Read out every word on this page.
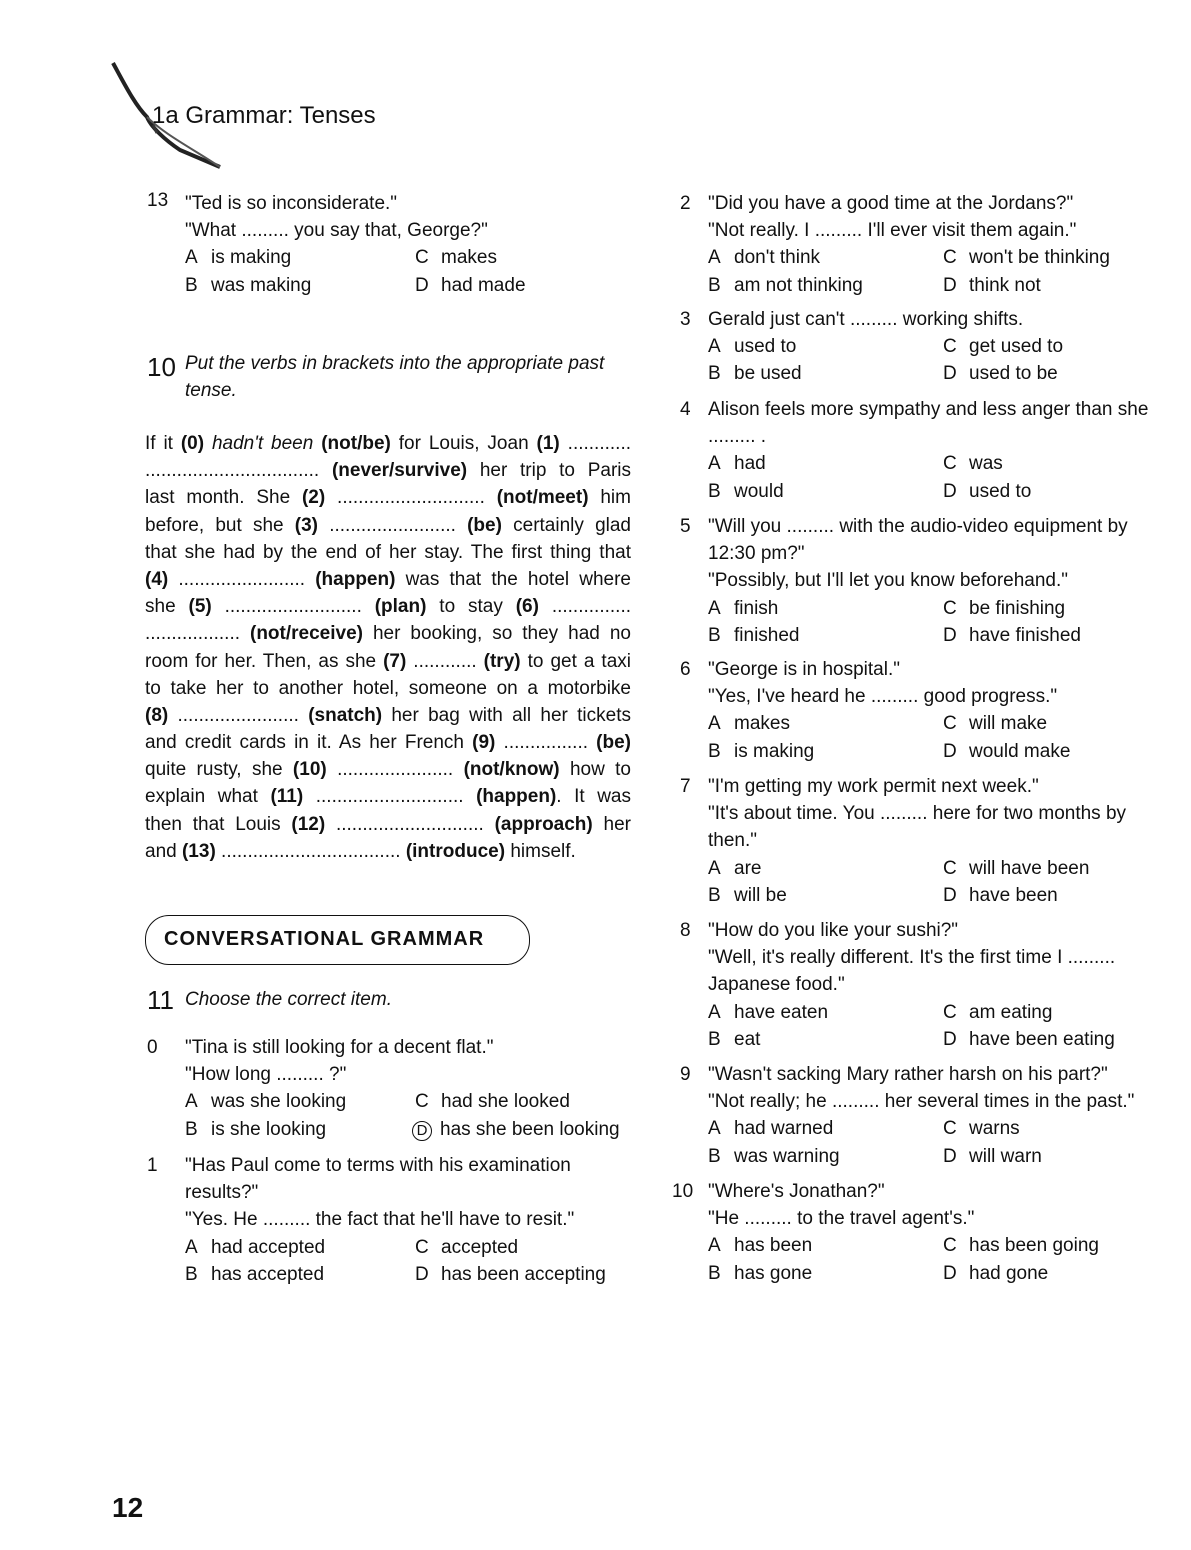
1a Grammar: Tenses
13 "Ted is so inconsiderate."
"What ......... you say that, George?"
A is making	C makes
B was making	D had made
10 Put the verbs in brackets into the appropriate past
tense.
If it (0) hadn't been (not/be) for Louis, Joan (1) ............
................................. (never/survive) her trip to Paris
last month. She (2) ............................ (not/meet) him
before, but she (3) ........................ (be) certainly glad
that she had by the end of her stay. The first thing that
(4) ........................ (happen) was that the hotel where
she (5) .......................... (plan) to stay (6) ...............
.................. (not/receive) her booking, so they had no
room for her. Then, as she (7) ............ (try) to get a taxi
to take her to another hotel, someone on a motorbike
(8) ....................... (snatch) her bag with all her tickets
and credit cards in it. As her French (9) ................ (be)
quite rusty, she (10) ...................... (not/know) how to
explain what (11) ............................ (happen). It was
then that Louis (12) ............................ (approach) her
and (13) .................................. (introduce) himself.
CONVERSATIONAL GRAMMAR
11 Choose the correct item.
0	"Tina is still looking for a decent flat."
"How long ......... ?"
A was she looking	C had she looked
B is she looking	D has she been looking
1	"Has Paul come to terms with his examination
results?"
"Yes. He ......... the fact that he'll have to resit."
A had accepted	C accepted
B has accepted	D has been accepting
2 "Did you have a good time at the Jordans?"
"Not really. I ......... I'll ever visit them again."
A don't think	C won't be thinking
B am not thinking	D think not
3 Gerald just can't ......... working shifts.
A used to	C get used to
B be used	D used to be
4 Alison feels more sympathy and less anger than she
......... .
A had	C was
B would	D used to
5 "Will you ......... with the audio-video equipment by
12:30 pm?"
"Possibly, but I'll let you know beforehand."
A finish	C be finishing
B finished	D have finished
6 "George is in hospital."
"Yes, I've heard he ......... good progress."
A makes	C will make
B is making	D would make
7 "I'm getting my work permit next week."
"It's about time. You ......... here for two months by
then."
A are	C will have been
B will be	D have been
8 "How do you like your sushi?"
"Well, it's really different. It's the first time I .........
Japanese food."
A have eaten	C am eating
B eat	D have been eating
9 "Wasn't sacking Mary rather harsh on his part?"
"Not really; he ......... her several times in the past."
A had warned	C warns
B was warning	D will warn
10 "Where's Jonathan?"
"He ......... to the travel agent's."
A has been	C has been going
B has gone	D had gone
12
